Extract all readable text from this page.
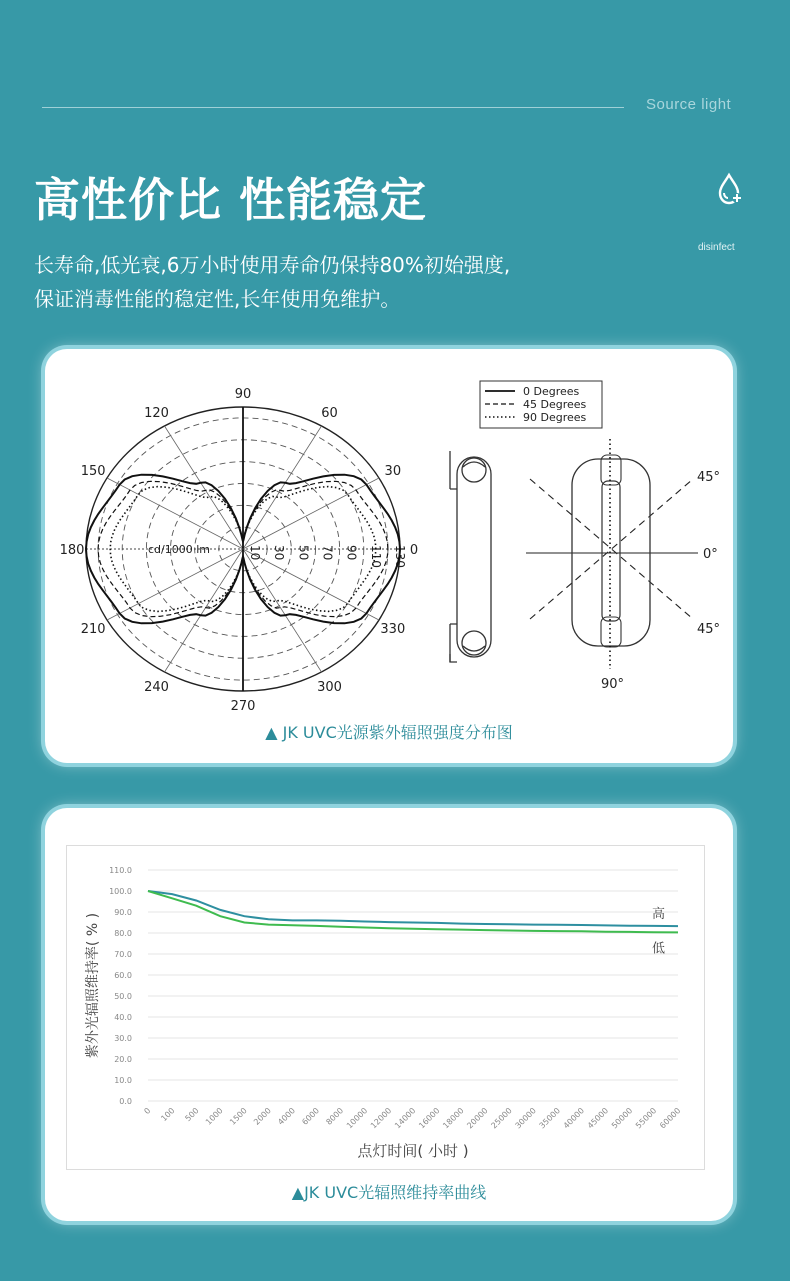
Source light
高性价比 性能稳定
disinfect
长寿命,低光衰,6万小时使用寿命仍保持80%初始强度,
保证消毒性能的稳定性,长年使用免维护。
0 Degrees
45 Degrees
90 Degrees
90
60
30
0
330
300
270
240
210
180
150
120
cd/1000 lm	10 30 50 70 90 110 130
45°
0°
45°
90°
▲ JK UVC光源紫外辐照强度分布图
0.0
10.0
20.0
30.0
40.0
50.0
60.0
70.0
80.0
90.0
100.0
110.0
0 100 500 1000 1500 2000 4000 6000 8000 10000 12000 14000 16000 18000 20000 25000 30000 35000 40000 45000 50000 55000 60000
点灯时间( 小时 )
紫外光辐照维持率( % )	高
低
▲JK UVC光辐照维持率曲线
